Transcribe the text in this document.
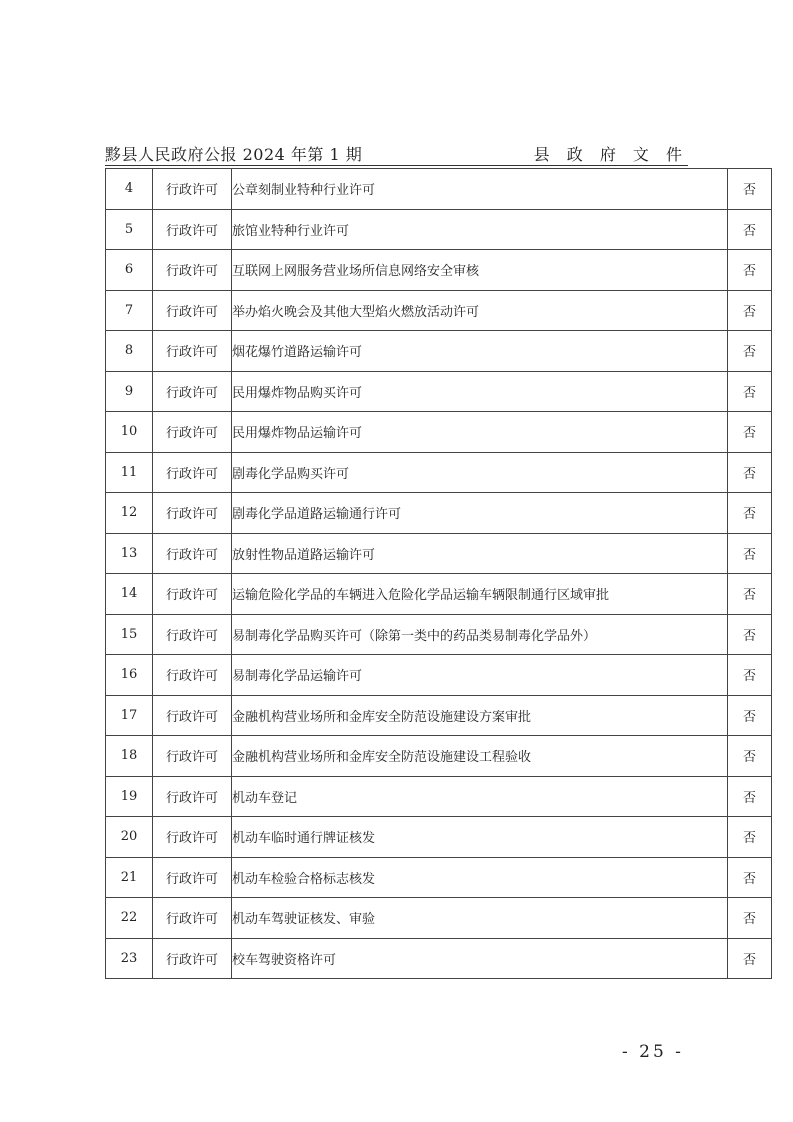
黟县人民政府公报 2024 年第 1 期	县 政 府 文 件
4	行政许可	公章刻制业特种行业许可	否
5	行政许可	旅馆业特种行业许可	否
6	行政许可	互联网上网服务营业场所信息网络安全审核	否
7	行政许可	举办焰火晚会及其他大型焰火燃放活动许可	否
8	行政许可	烟花爆竹道路运输许可	否
9	行政许可	民用爆炸物品购买许可	否
10	行政许可	民用爆炸物品运输许可	否
11	行政许可	剧毒化学品购买许可	否
12	行政许可	剧毒化学品道路运输通行许可	否
13	行政许可	放射性物品道路运输许可	否
14	行政许可	运输危险化学品的车辆进入危险化学品运输车辆限制通行区域审批	否
15	行政许可	易制毒化学品购买许可（除第一类中的药品类易制毒化学品外）	否
16	行政许可	易制毒化学品运输许可	否
17	行政许可	金融机构营业场所和金库安全防范设施建设方案审批	否
18	行政许可	金融机构营业场所和金库安全防范设施建设工程验收	否
19	行政许可	机动车登记	否
20	行政许可	机动车临时通行牌证核发	否
21	行政许可	机动车检验合格标志核发	否
22	行政许可	机动车驾驶证核发、审验	否
23	行政许可	校车驾驶资格许可	否
- 25 -
